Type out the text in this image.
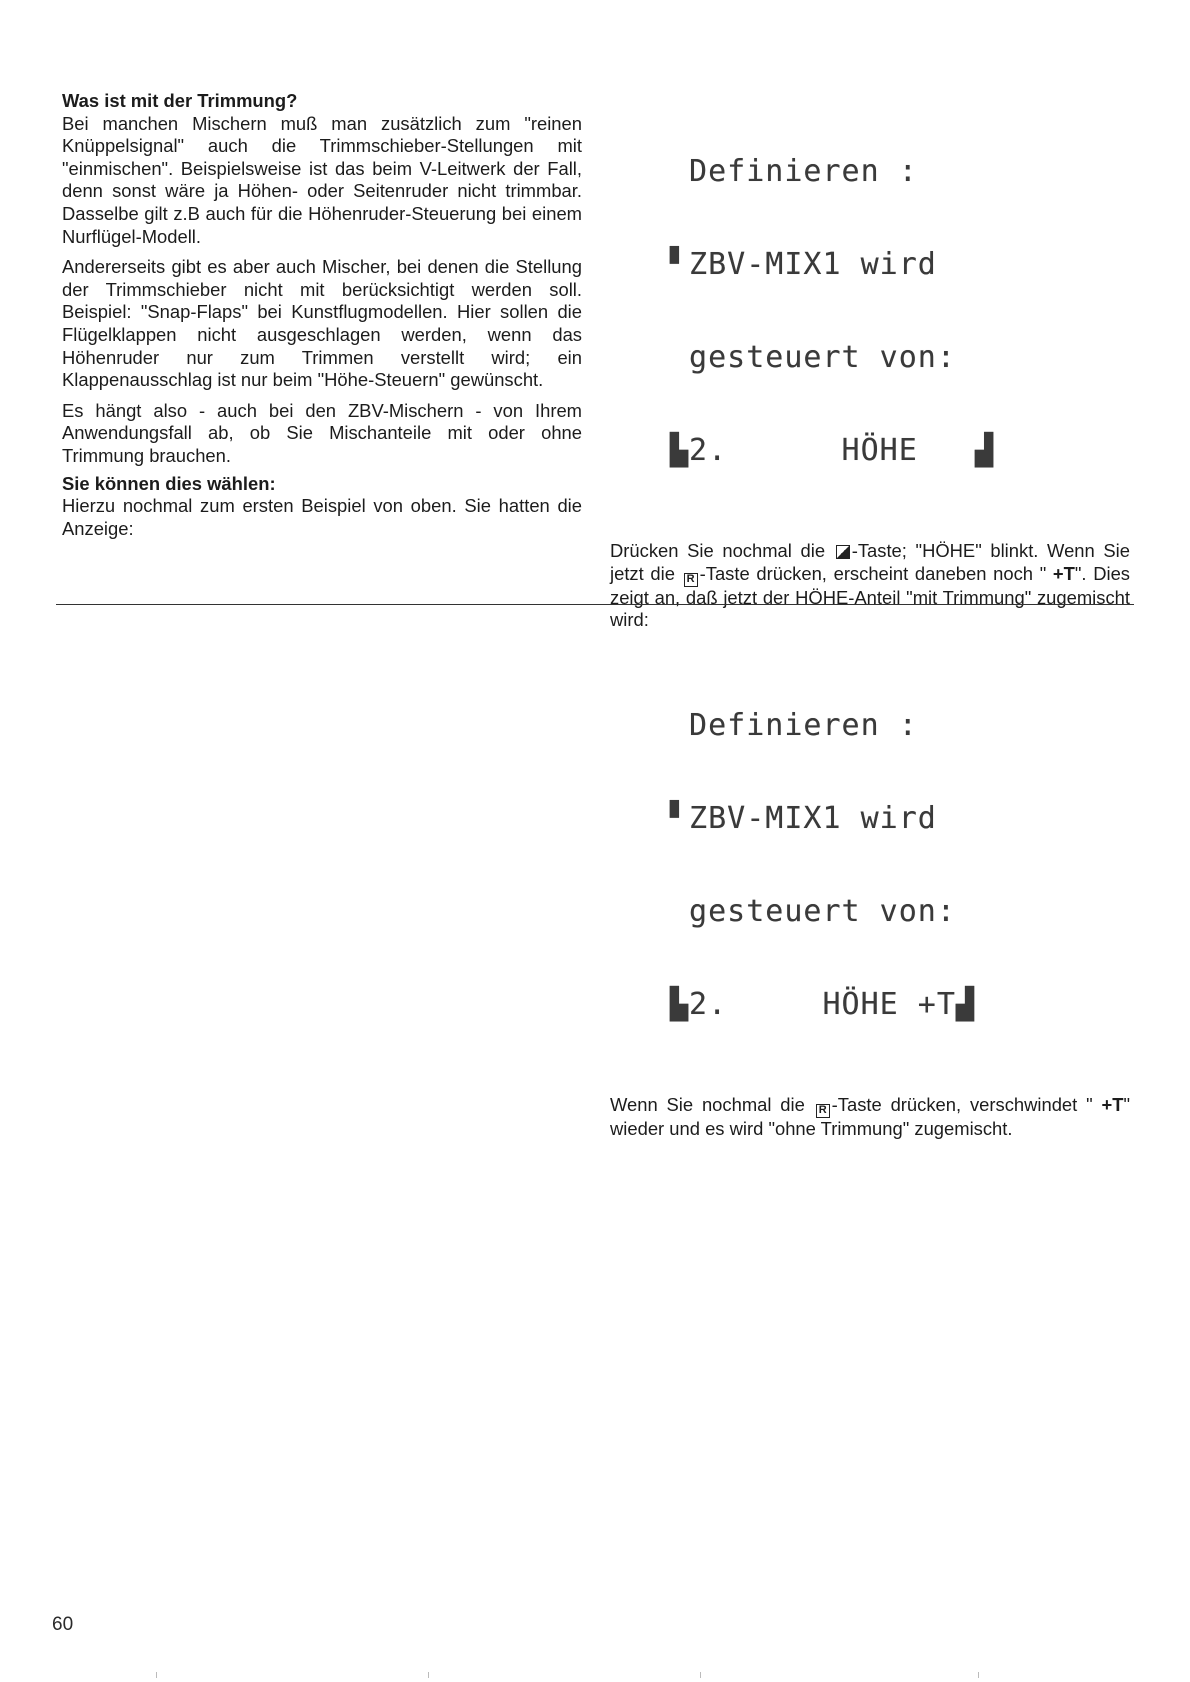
Was ist mit der Trimmung?

Bei manchen Mischern muß man zusätzlich zum "reinen Knüppelsignal" auch die Trimmschieber-Stellungen mit "einmischen". Beispielsweise ist das beim V-Leitwerk der Fall, denn sonst wäre ja Höhen- oder Seitenruder nicht trimmbar. Dasselbe gilt z.B auch für die Höhenruder-Steuerung bei einem Nurflügel-Modell.

Andererseits gibt es aber auch Mischer, bei denen die Stellung der Trimmschieber nicht mit berücksichtigt werden soll. Beispiel: "Snap-Flaps" bei Kunstflugmodellen. Hier sollen die Flügelklappen nicht ausgeschlagen werden, wenn das Höhenruder nur zum Trimmen verstellt wird; ein Klappenausschlag ist nur beim "Höhe-Steuern" gewünscht.

Es hängt also - auch bei den ZBV-Mischern - von Ihrem Anwendungsfall ab, ob Sie Mischanteile mit oder ohne Trimmung brauchen.

Sie können dies wählen:

Hierzu nochmal zum ersten Beispiel von oben. Sie hatten die Anzeige:

Definieren :

▘ZBV-MIX1 wird

gesteuert von:

▙2.      HÖHE   ▟

Drücken Sie nochmal die -Taste; "HÖHE" blinkt. Wenn Sie jetzt die R -Taste drücken, erscheint daneben noch " +T". Dies zeigt an, daß jetzt der HÖHE-Anteil "mit Trimmung" zugemischt wird:

Definieren :

▘ZBV-MIX1 wird

gesteuert von:

▙2.     HÖHE +T▟

Wenn Sie nochmal die R -Taste drücken, verschwindet " +T" wieder und es wird "ohne Trimmung" zugemischt.

60
